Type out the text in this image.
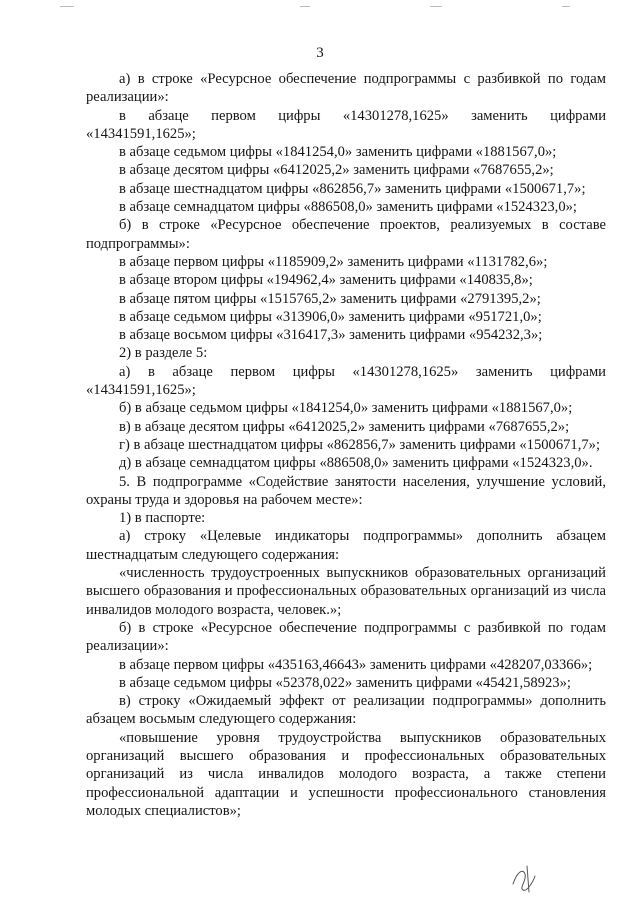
3

а) в строке «Ресурсное обеспечение подпрограммы с разбивкой по годам реализации»:

в абзаце первом цифры «14301278,1625» заменить цифрами «14341591,1625»;

в абзаце седьмом цифры «1841254,0» заменить цифрами «1881567,0»;

в абзаце десятом цифры «6412025,2» заменить цифрами «7687655,2»;

в абзаце шестнадцатом цифры «862856,7» заменить цифрами «1500671,7»;

в абзаце семнадцатом цифры «886508,0» заменить цифрами «1524323,0»;

б) в строке «Ресурсное обеспечение проектов, реализуемых в составе подпрограммы»:

в абзаце первом цифры «1185909,2» заменить цифрами «1131782,6»;

в абзаце втором цифры «194962,4» заменить цифрами «140835,8»;

в абзаце пятом цифры «1515765,2» заменить цифрами «2791395,2»;

в абзаце седьмом цифры «313906,0» заменить цифрами «951721,0»;

в абзаце восьмом цифры «316417,3» заменить цифрами «954232,3»;

2) в разделе 5:

а) в абзаце первом цифры «14301278,1625» заменить цифрами «14341591,1625»;

б) в абзаце седьмом цифры «1841254,0» заменить цифрами «1881567,0»;

в) в абзаце десятом цифры «6412025,2» заменить цифрами «7687655,2»;

г) в абзаце шестнадцатом цифры «862856,7» заменить цифрами «1500671,7»;

д) в абзаце семнадцатом цифры «886508,0» заменить цифрами «1524323,0».

5. В подпрограмме «Содействие занятости населения, улучшение условий, охраны труда и здоровья на рабочем месте»:

1) в паспорте:

а) строку «Целевые индикаторы подпрограммы» дополнить абзацем шестнадцатым следующего содержания:

«численность трудоустроенных выпускников образовательных организаций высшего образования и профессиональных образовательных организаций из числа инвалидов молодого возраста, человек.»;

б) в строке «Ресурсное обеспечение подпрограммы с разбивкой по годам реализации»:

в абзаце первом цифры «435163,46643» заменить цифрами «428207,03366»;

в абзаце седьмом цифры «52378,022» заменить цифрами «45421,58923»;

в) строку «Ожидаемый эффект от реализации подпрограммы» дополнить абзацем восьмым следующего содержания:

«повышение уровня трудоустройства выпускников образовательных организаций высшего образования и профессиональных образовательных организаций из числа инвалидов молодого возраста, а также степени профессиональной адаптации и успешности профессионального становления молодых специалистов»;
